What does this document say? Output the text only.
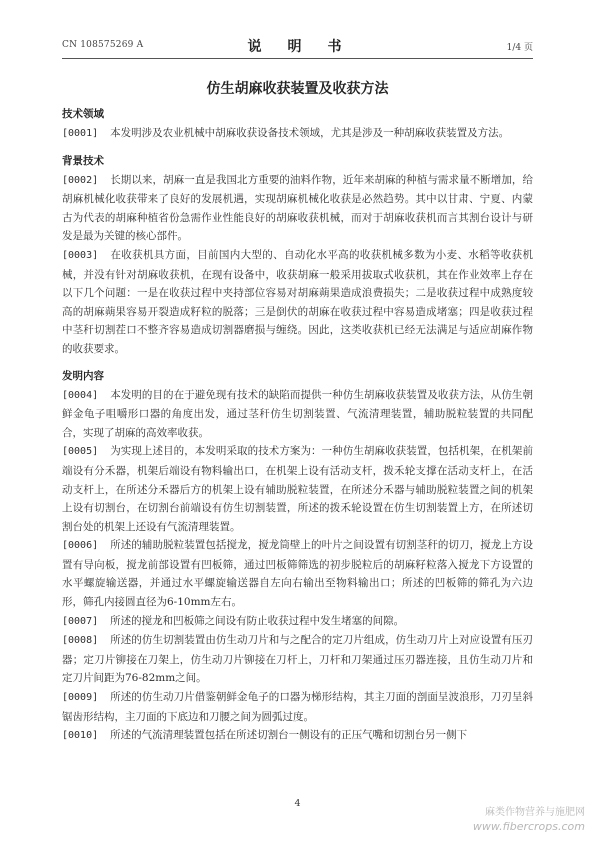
CN 108575269 A	说　明　书	1/4 页
仿生胡麻收获装置及收获方法
技术领域

[0001] 本发明涉及农业机械中胡麻收获设备技术领域，尤其是涉及一种胡麻收获装置及方法。

背景技术

[0002] 长期以来，胡麻一直是我国北方重要的油料作物，近年来胡麻的种植与需求量不断增加，给胡麻机械化收获带来了良好的发展机遇，实现胡麻机械化收获是必然趋势。其中以甘肃、宁夏、内蒙古为代表的胡麻种植省份急需作业性能良好的胡麻收获机械，而对于胡麻收获机而言其割台设计与研发是最为关键的核心部件。

[0003] 在收获机具方面，目前国内大型的、自动化水平高的收获机械多数为小麦、水稻等收获机械，并没有针对胡麻收获机，在现有设备中，收获胡麻一般采用拔取式收获机，其在作业效率上存在以下几个问题：一是在收获过程中夹持部位容易对胡麻蒴果造成浪费损失；二是收获过程中成熟度较高的胡麻蒴果容易开裂造成籽粒的脱落；三是倒伏的胡麻在收获过程中容易造成堵塞；四是收获过程中茎秆切割茬口不整齐容易造成切割器磨损与缠绕。因此，这类收获机已经无法满足与适应胡麻作物的收获要求。

发明内容

[0004] 本发明的目的在于避免现有技术的缺陷而提供一种仿生胡麻收获装置及收获方法，从仿生朝鲜金龟子咀嚼形口器的角度出发，通过茎秆仿生切割装置、气流清理装置，辅助脱粒装置的共同配合，实现了胡麻的高效率收获。

[0005] 为实现上述目的，本发明采取的技术方案为：一种仿生胡麻收获装置，包括机架，在机架前端设有分禾器，机架后端设有物料输出口，在机架上设有活动支杆，拨禾轮支撑在活动支杆上，在活动支杆上，在所述分禾器后方的机架上设有辅助脱粒装置，在所述分禾器与辅助脱粒装置之间的机架上设有切割台，在切割台前端设有仿生切割装置，所述的拨禾轮设置在仿生切割装置上方，在所述切割台处的机架上还设有气流清理装置。

[0006] 所述的辅助脱粒装置包括搅龙，搅龙筒壁上的叶片之间设置有切割茎秆的切刀，搅龙上方设置有导向板，搅龙前部设置有凹板筛，通过凹板筛筛选的初步脱粒后的胡麻籽粒落入搅龙下方设置的水平螺旋输送器，并通过水平螺旋输送器自左向右输出至物料输出口；所述的凹板筛的筛孔为六边形，筛孔内接圆直径为6-10mm左右。

[0007] 所述的搅龙和凹板筛之间设有防止收获过程中发生堵塞的间隙。

[0008] 所述的仿生切割装置由仿生动刀片和与之配合的定刀片组成，仿生动刀片上对应设置有压刃器；定刀片铆接在刀架上，仿生动刀片铆接在刀杆上，刀杆和刀架通过压刃器连接，且仿生动刀片和定刀片间距为76-82mm之间。

[0009] 所述的仿生动刀片借鉴朝鲜金龟子的口器为梯形结构，其主刀面的剖面呈波浪形，刀刃呈斜锯齿形结构，主刀面的下底边和刀腰之间为圆弧过度。

[0010] 所述的气流清理装置包括在所述切割台一侧设有的正压气嘴和切割台另一侧下

4
麻类作物营养与施肥网
www.fibercrops.com
